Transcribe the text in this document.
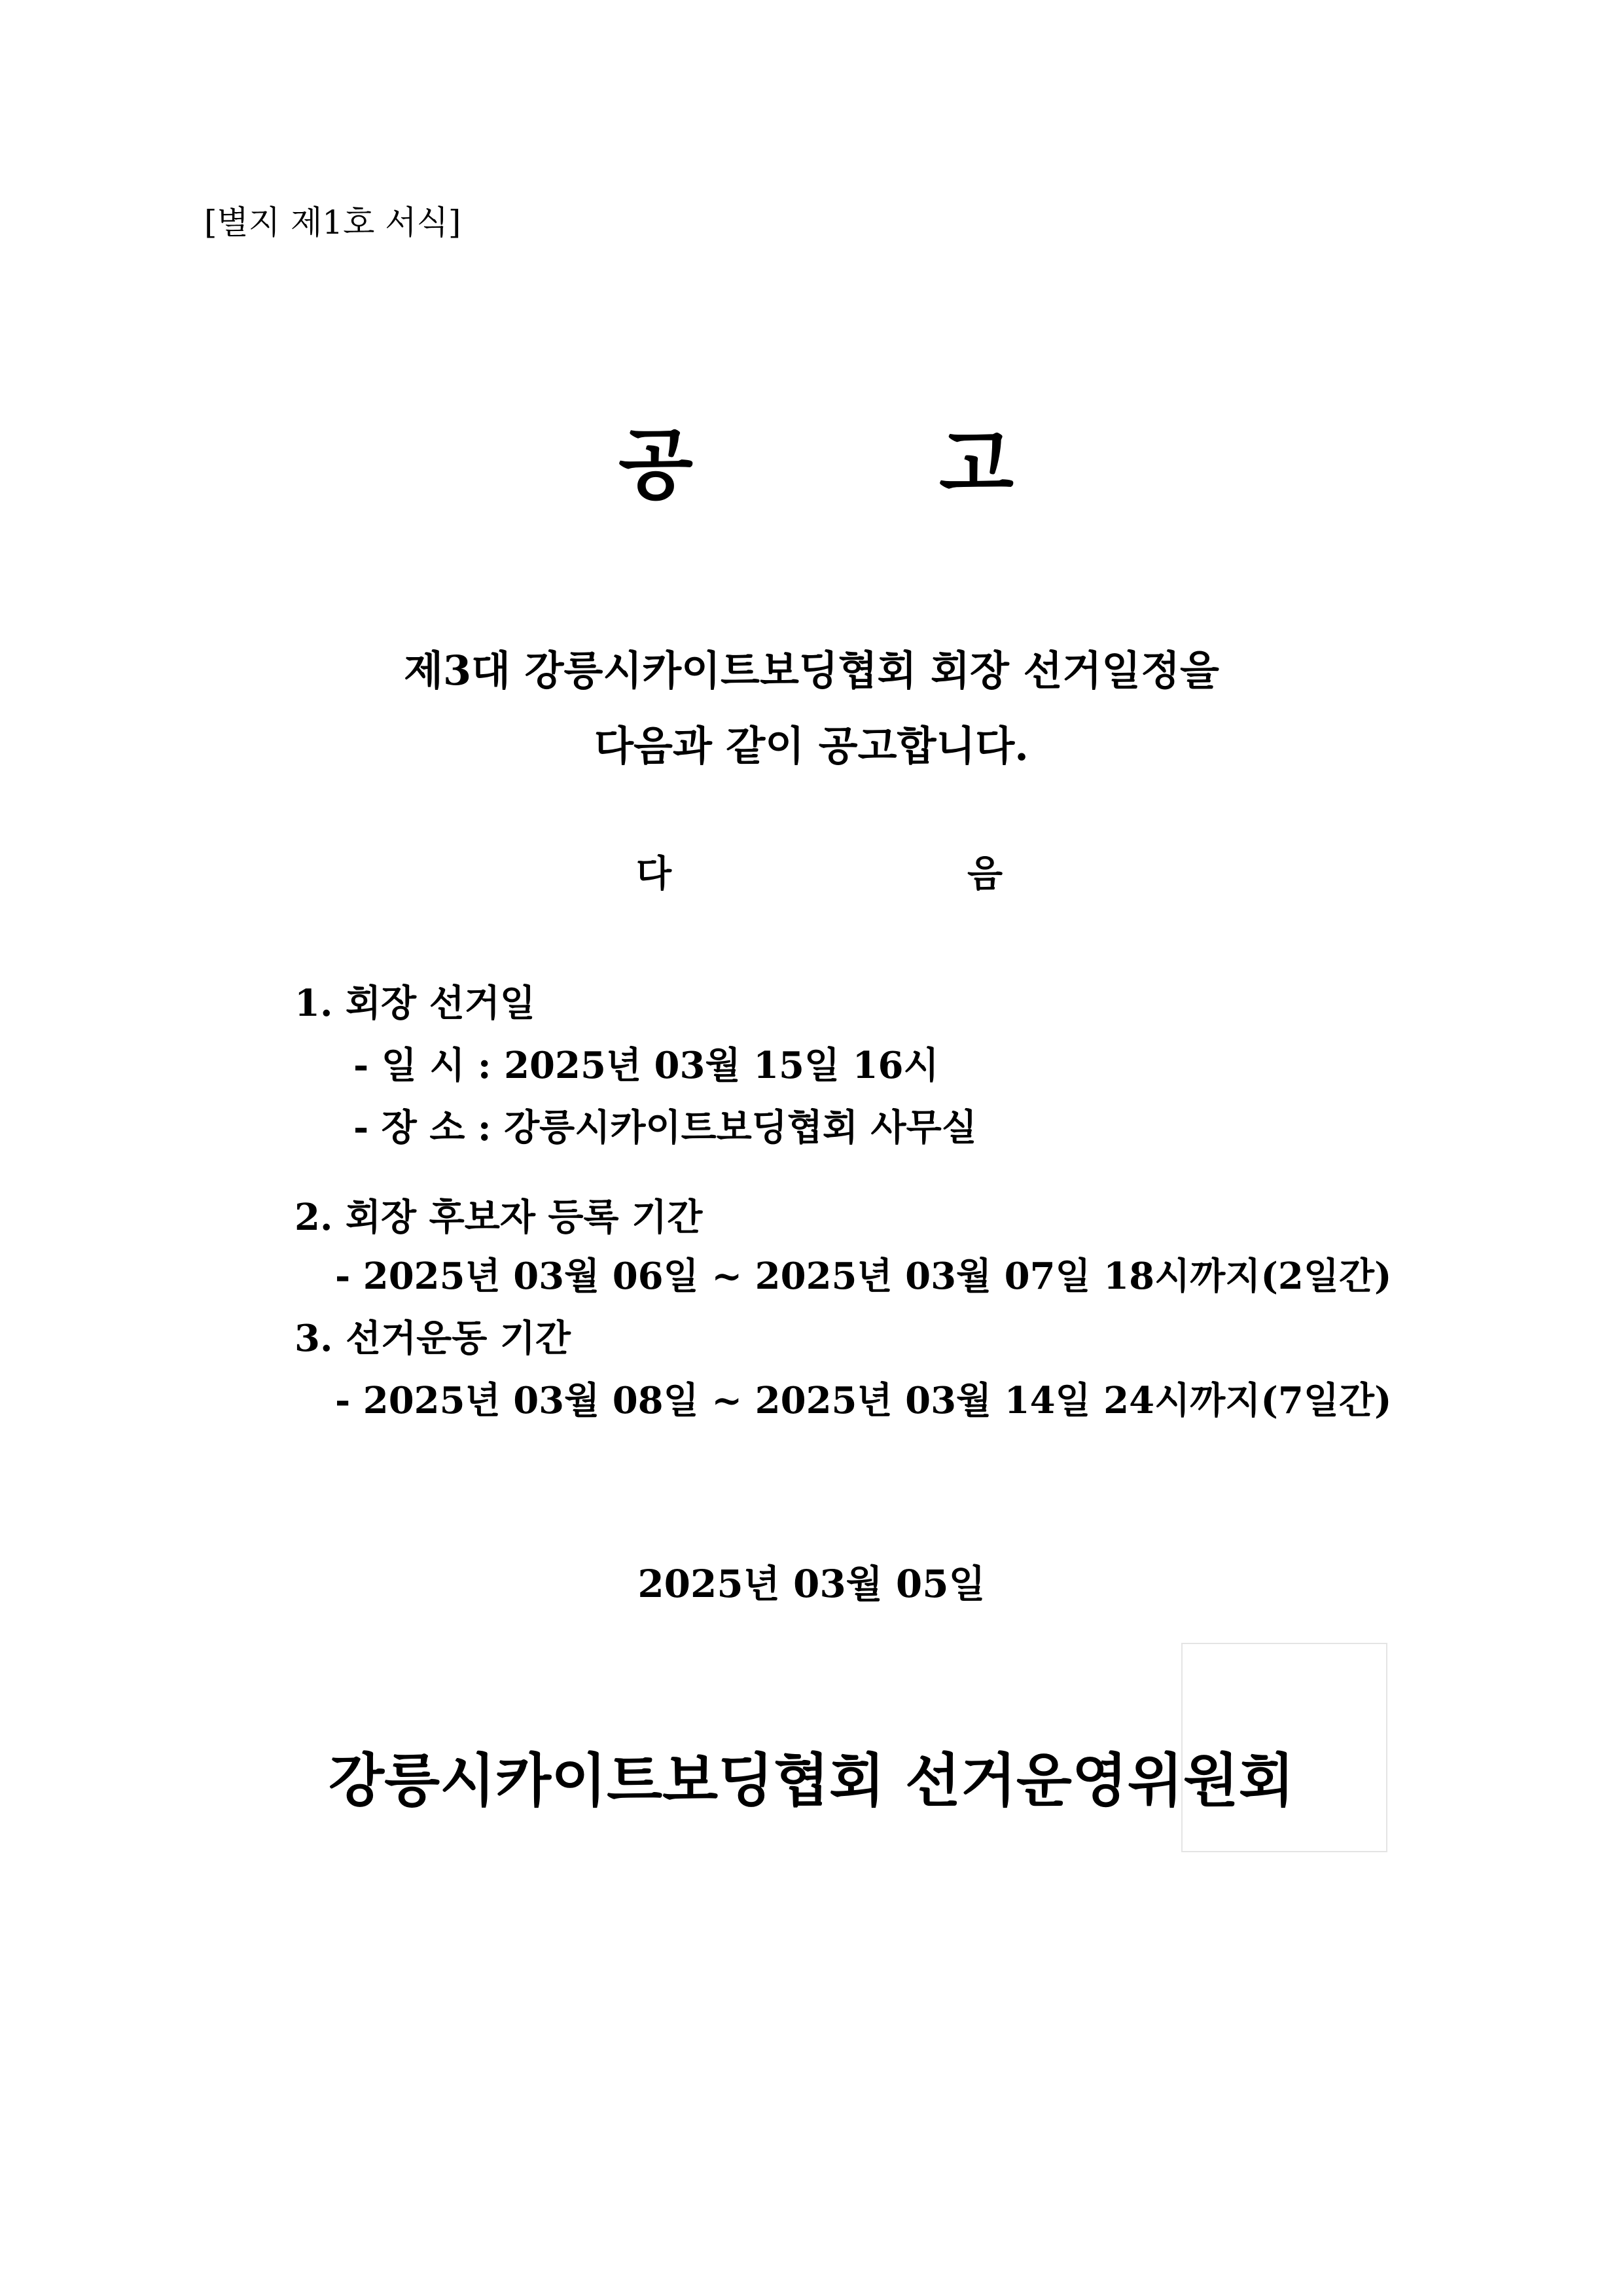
[별지 제1호 서식]
공	고
제3대 강릉시카이트보딩협회 회장 선거일정을
다음과 같이 공고합니다.
다	음
1. 회장 선거일
- 일 시 : 2025년 03월 15일 16시
- 장 소 : 강릉시카이트보딩협회 사무실
2. 회장 후보자 등록 기간
- 2025년 03월 06일 ~ 2025년 03월 07일 18시까지(2일간)
3. 선거운동 기간
- 2025년 03월 08일 ~ 2025년 03월 14일 24시까지(7일간)
2025년 03월 05일
강릉시카이트보딩협회 선거운영위원회
